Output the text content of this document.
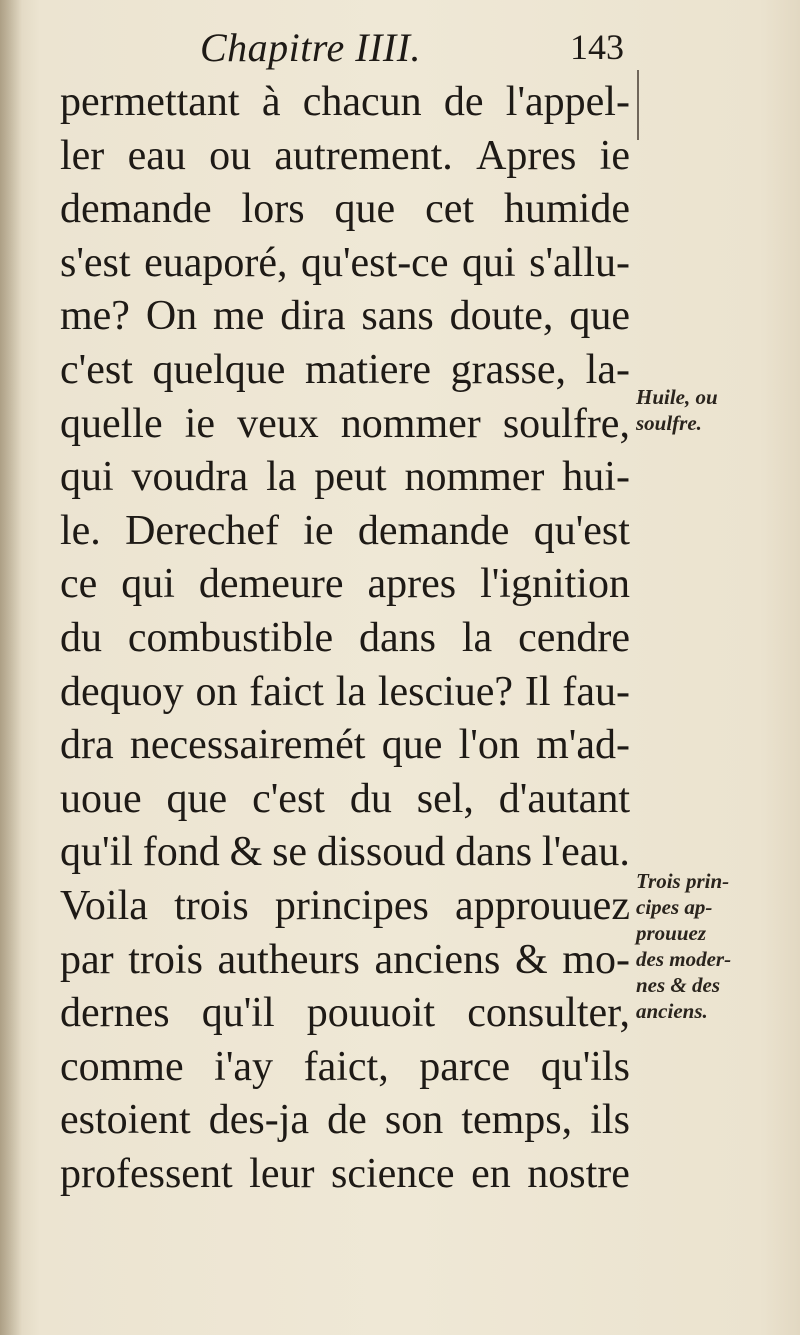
Chapitre IIII.	143
permettant à chacun de l'appel-
ler eau ou autrement. Apres ie
demande lors que cet humide
s'est euaporé, qu'est-ce qui s'allu-
me? On me dira sans doute, que
c'est quelque matiere grasse, la-
quelle ie veux nommer soulfre,
qui voudra la peut nommer hui-
le. Derechef ie demande qu'est
ce qui demeure apres l'ignition
du combustible dans la cendre
dequoy on faict la lesciue? Il fau-
dra necessairemét que l'on m'ad-
uoue que c'est du sel, d'autant
qu'il fond & se dissoud dans l'eau.
Voila trois principes approuuez
par trois autheurs anciens & mo-
dernes qu'il pouuoit consulter,
comme i'ay faict, parce qu'ils
estoient des-ja de son temps, ils
professent leur science en nostre
Huile, ou
soulfre.
Trois prin-
cipes ap-
prouuez
des moder-
nes & des
anciens.
